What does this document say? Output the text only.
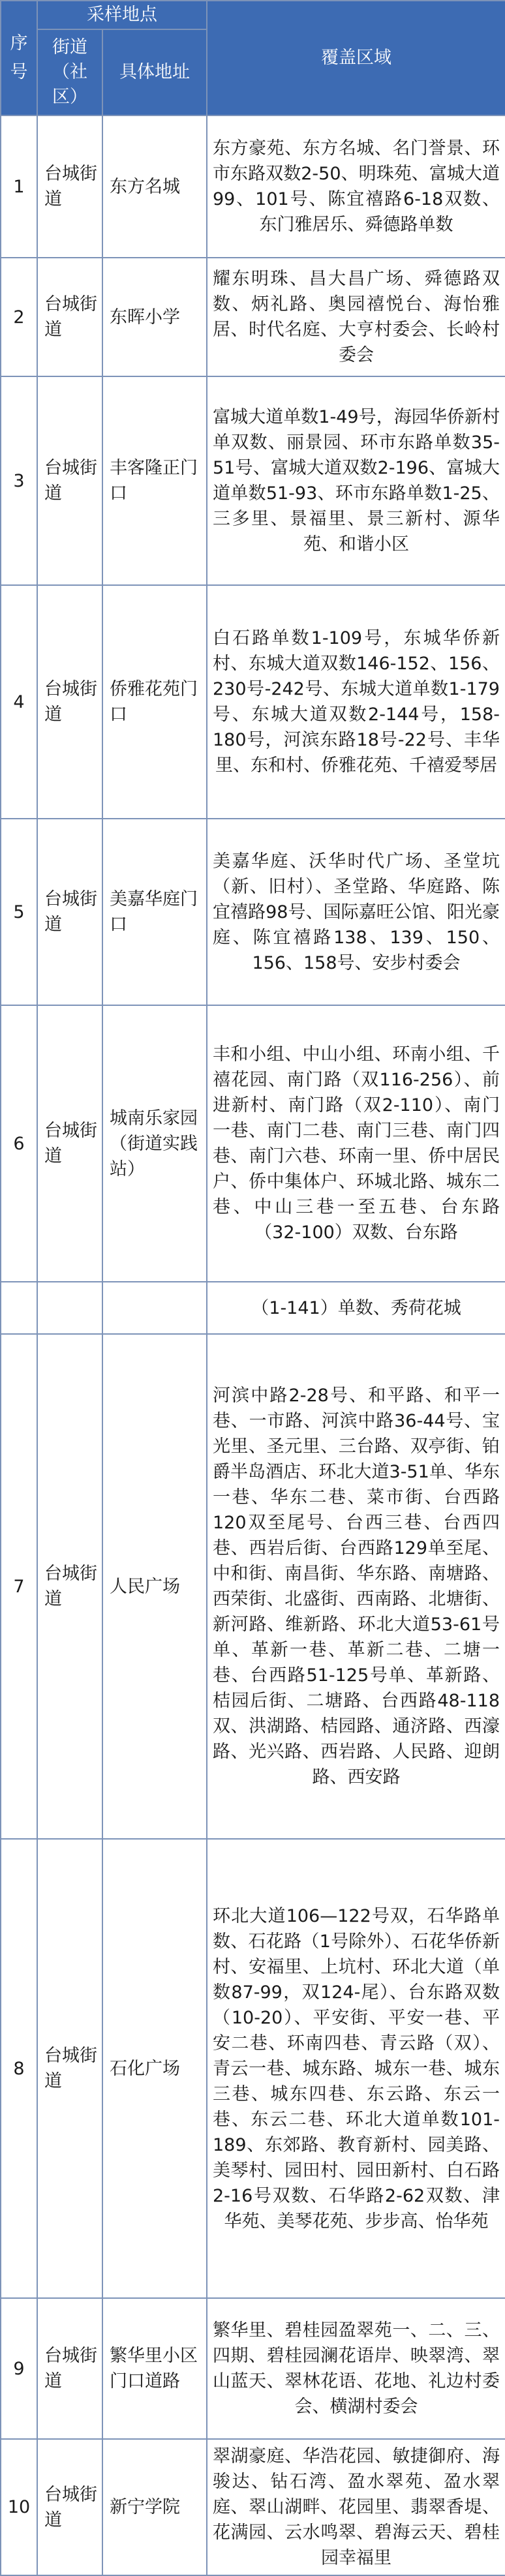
序号	采样地点		覆盖区域
	街道（社区）	具体地址	
1	台城街道	东方名城	东方豪苑、东方名城、名门誉景、环市东路双数2-50、明珠苑、富城大道99、101号、陈宜禧路6-18双数、东门雅居乐、舜德路单数
2	台城街道	东晖小学	耀东明珠、昌大昌广场、舜德路双数、炳礼路、奥园禧悦台、海怡雅居、时代名庭、大亨村委会、长岭村委会
3	台城街道	丰客隆正门口	富城大道单数1-49号，海园华侨新村单双数、丽景园、环市东路单数35-51号、富城大道双数2-196、富城大道单数51-93、环市东路单数1-25、三多里、景福里、景三新村、源华苑、和谐小区
4	台城街道	侨雅花苑门口	白石路单数1-109号，东城华侨新村、东城大道双数146-152、156、230号-242号、东城大道单数1-179号、东城大道双数2-144号，158-180号，河滨东路18号-22号、丰华里、东和村、侨雅花苑、千禧爱琴居
5	台城街道	美嘉华庭门口	美嘉华庭、沃华时代广场、圣堂坑（新、旧村）、圣堂路、华庭路、陈宜禧路98号、国际嘉旺公馆、阳光豪庭、陈宜禧路138、139、150、156、158号、安步村委会
6	台城街道	城南乐家园（街道实践站）	丰和小组、中山小组、环南小组、千禧花园、南门路（双116-256）、前进新村、南门路（双2-110）、南门一巷、南门二巷、南门三巷、南门四巷、南门六巷、环南一里、侨中居民户、侨中集体户、环城北路、城东二巷、中山三巷一至五巷、台东路（32-100）双数、台东路
			（1-141）单数、秀荷花城
7	台城街道	人民广场	河滨中路2-28号、和平路、和平一巷、一市路、河滨中路36-44号、宝光里、圣元里、三台路、双亭街、铂爵半岛酒店、环北大道3-51单、华东一巷、华东二巷、菜市街、台西路120双至尾号、台西三巷、台西四巷、西岩后街、台西路129单至尾、中和街、南昌街、华东路、南塘路、西荣街、北盛街、西南路、北塘街、新河路、维新路、环北大道53-61号单、革新一巷、革新二巷、二塘一巷、台西路51-125号单、革新路、桔园后街、二塘路、台西路48-118双、洪湖路、桔园路、通济路、西濠路、光兴路、西岩路、人民路、迎朗路、西安路
8	台城街道	石化广场	环北大道106—122号双，石华路单数、石花路（1号除外）、石花华侨新村、安福里、上坑村、环北大道（单数87-99，双124-尾）、台东路双数（10-20）、平安街、平安一巷、平安二巷、环南四巷、青云路（双）、青云一巷、城东路、城东一巷、城东三巷、城东四巷、东云路、东云一巷、东云二巷、环北大道单数101-189、东郊路、教育新村、园美路、美琴村、园田村、园田新村、白石路2-16号双数、石华路2-62双数、津华苑、美琴花苑、步步高、怡华苑
9	台城街道	繁华里小区门口道路	繁华里、碧桂园盈翠苑一、二、三、四期、碧桂园澜花语岸、映翠湾、翠山蓝天、翠林花语、花地、礼边村委会、横湖村委会
10	台城街道	新宁学院	翠湖豪庭、华浩花园、敏捷御府、海骏达、钻石湾、盈水翠苑、盈水翠庭、翠山湖畔、花园里、翡翠香堤、花满园、云水鸣翠、碧海云天、碧桂园幸福里
